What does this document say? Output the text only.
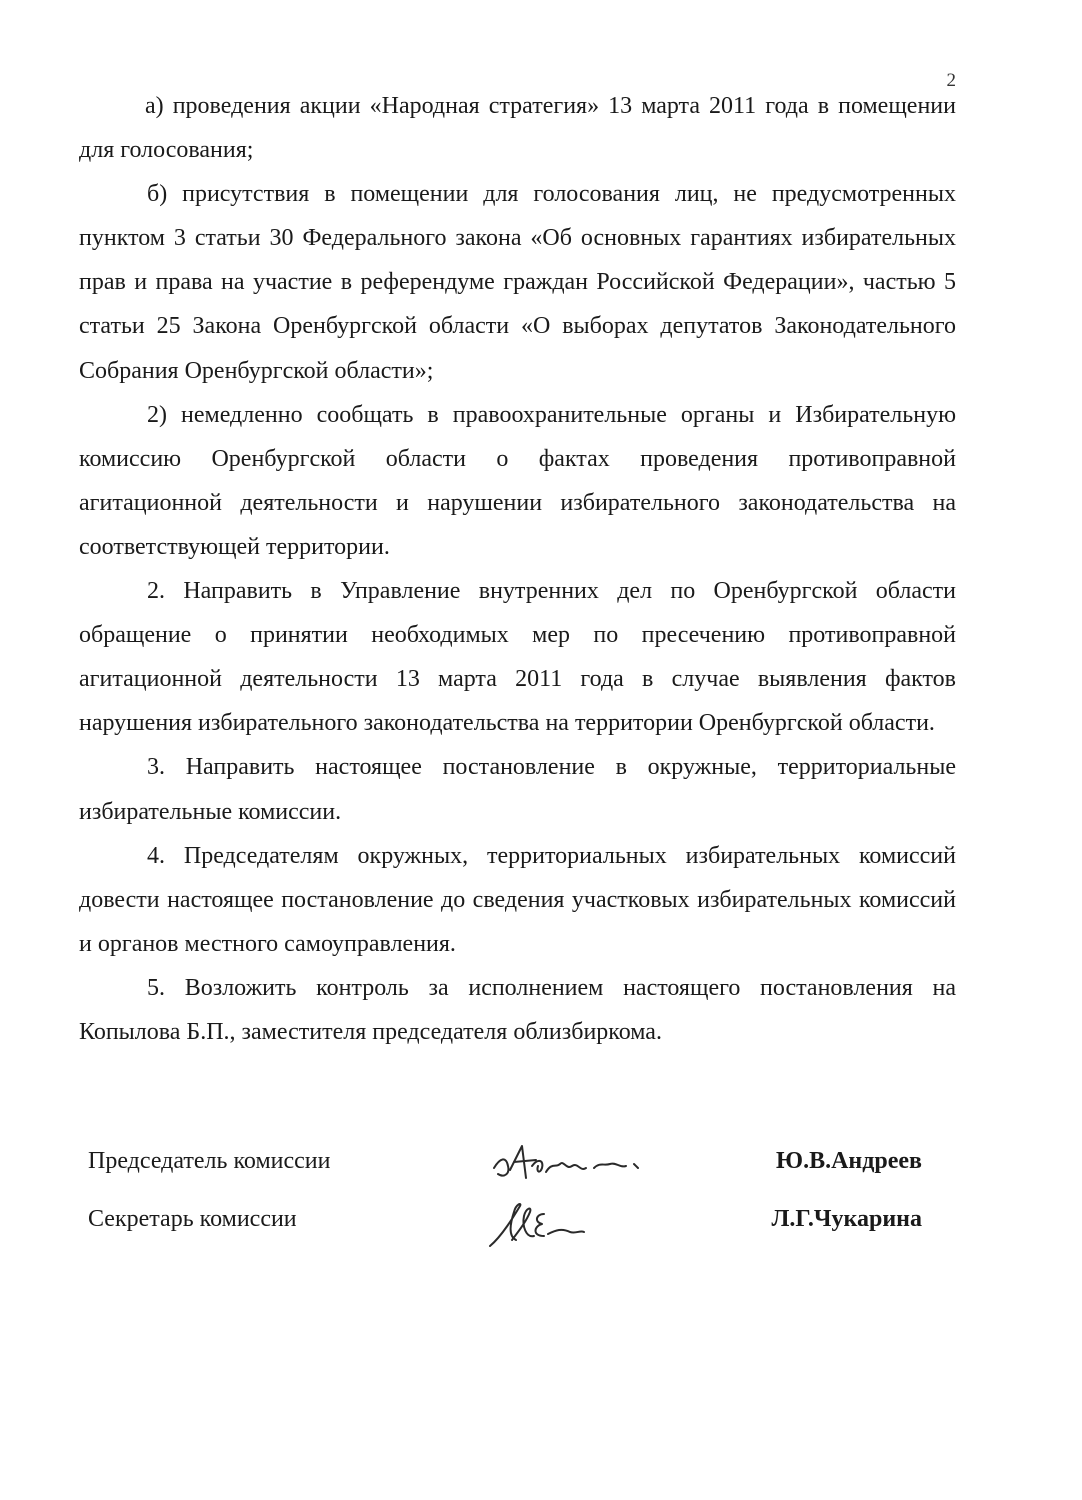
2

а) проведения акции «Народная стратегия» 13 марта 2011 года в помещении для голосования;

б) присутствия в помещении для голосования лиц, не предусмотренных пунктом 3 статьи 30 Федерального закона «Об основных гарантиях избирательных прав и права на участие в референдуме граждан Российской Федерации», частью 5 статьи 25 Закона Оренбургской области «О выборах депутатов Законодательного Собрания Оренбургской области»;

2) немедленно сообщать в правоохранительные органы и Избирательную комиссию Оренбургской области о фактах проведения противоправной агитационной деятельности и нарушении избирательного законодательства на соответствующей территории.

2. Направить в Управление внутренних дел по Оренбургской области обращение о принятии необходимых мер по пресечению противоправной агитационной деятельности 13 марта 2011 года в случае выявления фактов нарушения избирательного законодательства на территории Оренбургской области.

3. Направить настоящее постановление в окружные, территориальные избирательные комиссии.

4. Председателям окружных, территориальных избирательных комиссий довести настоящее постановление до сведения участковых избирательных комиссий и органов местного самоуправления.

5. Возложить контроль за исполнением настоящего постановления на Копылова Б.П., заместителя председателя облизбиркома.

Председатель комиссии	Ю.В.Андреев
Секретарь комиссии	Л.Г.Чукарина
